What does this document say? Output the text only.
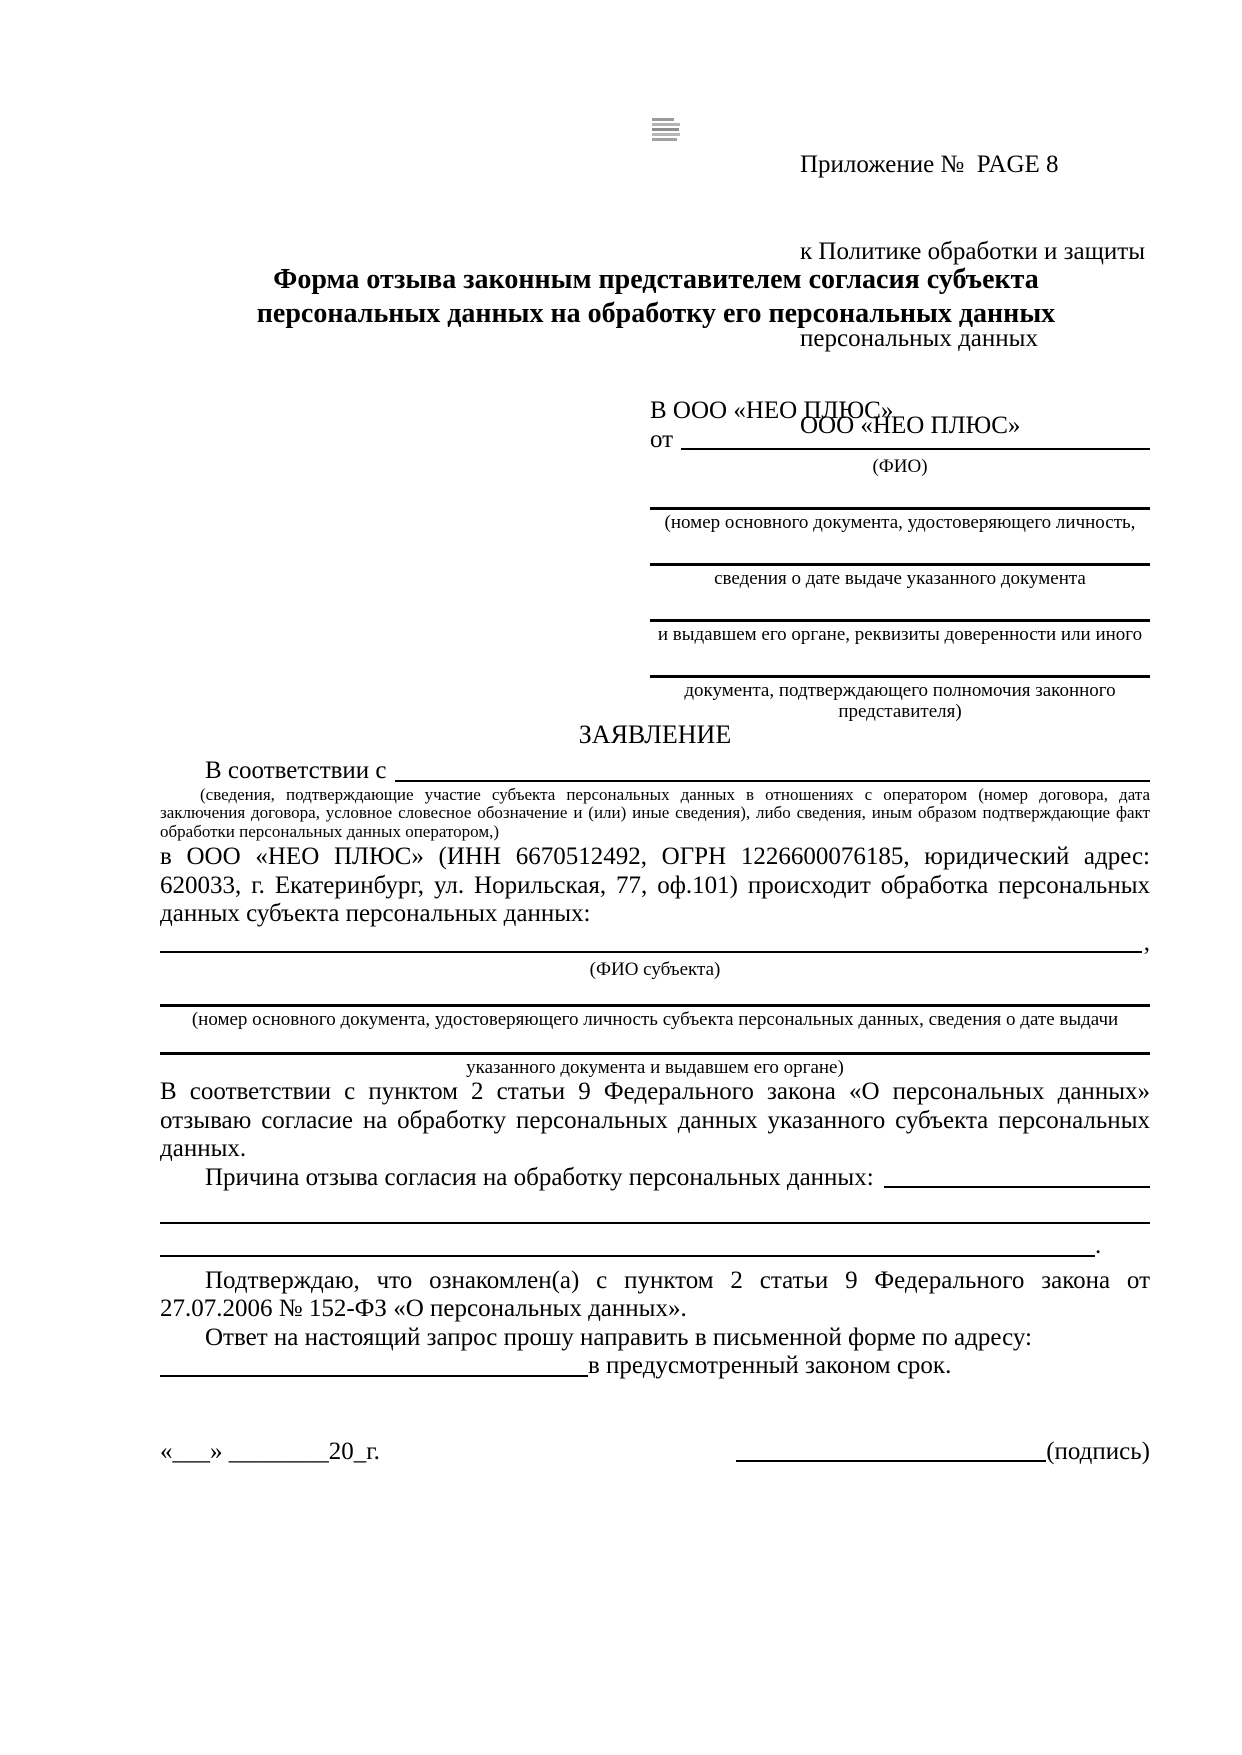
Приложение №  PAGE 8

к Политике обработки и защиты

персональных данных

ООО «НЕО ПЛЮС»

Форма отзыва законным представителем согласия субъекта персональных данных на обработку его персональных данных
В ООО «НЕО ПЛЮС»
от
(ФИО)
(номер основного документа, удостоверяющего личность,
сведения о дате выдаче указанного документа
и выдавшем его органе, реквизиты доверенности или иного
документа, подтверждающего полномочия законного представителя)
ЗАЯВЛЕНИЕ
В соответствии с
(сведения, подтверждающие участие субъекта персональных данных в отношениях с оператором (номер договора, дата заключения договора, условное словесное обозначение и (или) иные сведения), либо сведения, иным образом подтверждающие факт обработки персональных данных оператором,)
в ООО «НЕО ПЛЮС» (ИНН 6670512492, ОГРН 1226600076185, юридический адрес: 620033, г. Екатеринбург, ул. Норильская, 77, оф.101) происходит обработка персональных данных субъекта персональных данных:
,
(ФИО субъекта)
(номер основного документа, удостоверяющего личность субъекта персональных данных, сведения о дате выдачи
указанного документа и выдавшем его органе)
В соответствии с пунктом 2 статьи 9 Федерального закона «О персональных данных» отзываю согласие на обработку персональных данных указанного субъекта персональных данных.
Причина отзыва согласия на обработку персональных данных:
.
Подтверждаю, что ознакомлен(а) с пунктом 2 статьи 9 Федерального закона от 27.07.2006 № 152-ФЗ «О персональных данных».
Ответ на настоящий запрос прошу направить в письменной форме по адресу:
в предусмотренный законом срок.
«___» ________20_г.	(подпись)
